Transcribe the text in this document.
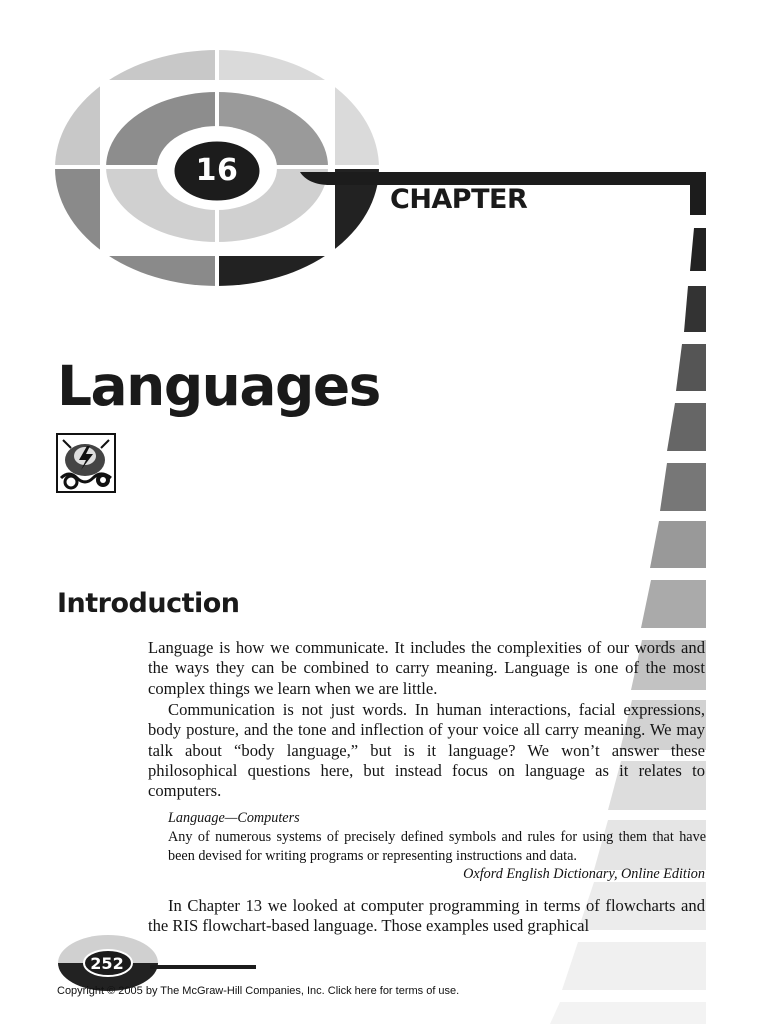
16
CHAPTER
Languages
Introduction

Language is how we communicate. It includes the complexities of our words and the ways they can be combined to carry meaning. Language is one of the most complex things we learn when we are little.

Communication is not just words. In human interactions, facial expressions, body posture, and the tone and inflection of your voice all carry meaning. We may talk about “body language,” but is it language? We won’t answer these philosophical questions here, but instead focus on language as it relates to computers.

Language—Computers
Any of numerous systems of precisely defined symbols and rules for using them that have been devised for writing programs or representing instructions and data.
Oxford English Dictionary, Online Edition

In Chapter 13 we looked at computer programming in terms of flowcharts and the RIS flowchart-based language. Those examples used graphical

252
Copyright © 2005 by The McGraw-Hill Companies, Inc. Click here for terms of use.
